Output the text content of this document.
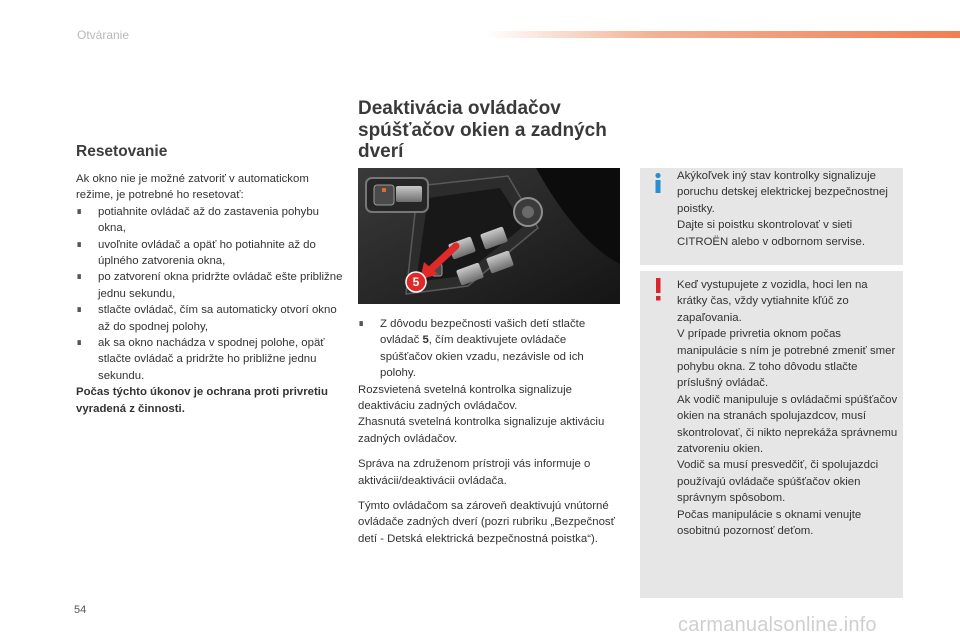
Otváranie
Resetovanie

Ak okno nie je možné zatvoriť v automatickom režime, je potrebné ho resetovať:

∎ potiahnite ovládač až do zastavenia pohybu okna,
∎ uvoľnite ovládač a opäť ho potiahnite až do úplného zatvorenia okna,
∎ po zatvorení okna pridržte ovládač ešte približne jednu sekundu,
∎ stlačte ovládač, čím sa automaticky otvorí okno až do spodnej polohy,
∎ ak sa okno nachádza v spodnej polohe, opäť stlačte ovládač a pridržte ho približne jednu sekundu.

Počas týchto úkonov je ochrana proti privretiu vyradená z činnosti.

Deaktivácia ovládačov spúšťačov okien a zadných dverí
5
∎ Z dôvodu bezpečnosti vašich detí stlačte ovládač 5, čím deaktivujete ovládače spúšťačov okien vzadu, nezávisle od ich polohy.

Rozsvietená svetelná kontrolka signalizuje deaktiváciu zadných ovládačov.

Zhasnutá svetelná kontrolka signalizuje aktiváciu zadných ovládačov.

Správa na združenom prístroji vás informuje o aktivácii/deaktivácii ovládača.

Týmto ovládačom sa zároveň deaktivujú vnútorné ovládače zadných dverí (pozri rubriku „Bezpečnosť detí - Detská elektrická bezpečnostná poistka“).

Akýkoľvek iný stav kontrolky signalizuje poruchu detskej elektrickej bezpečnostnej poistky.

Dajte si poistku skontrolovať v sieti CITROËN alebo v odbornom servise.

Keď vystupujete z vozidla, hoci len na krátky čas, vždy vytiahnite kľúč zo zapaľovania.

V prípade privretia oknom počas manipulácie s ním je potrebné zmeniť smer pohybu okna. Z toho dôvodu stlačte príslušný ovládač.

Ak vodič manipuluje s ovládačmi spúšťačov okien na stranách spolujazdcov, musí skontrolovať, či nikto neprekáža správnemu zatvoreniu okien.

Vodič sa musí presvedčiť, či spolujazdci používajú ovládače spúšťačov okien správnym spôsobom.

Počas manipulácie s oknami venujte osobitnú pozornosť deťom.

54
carmanualsonline.info
